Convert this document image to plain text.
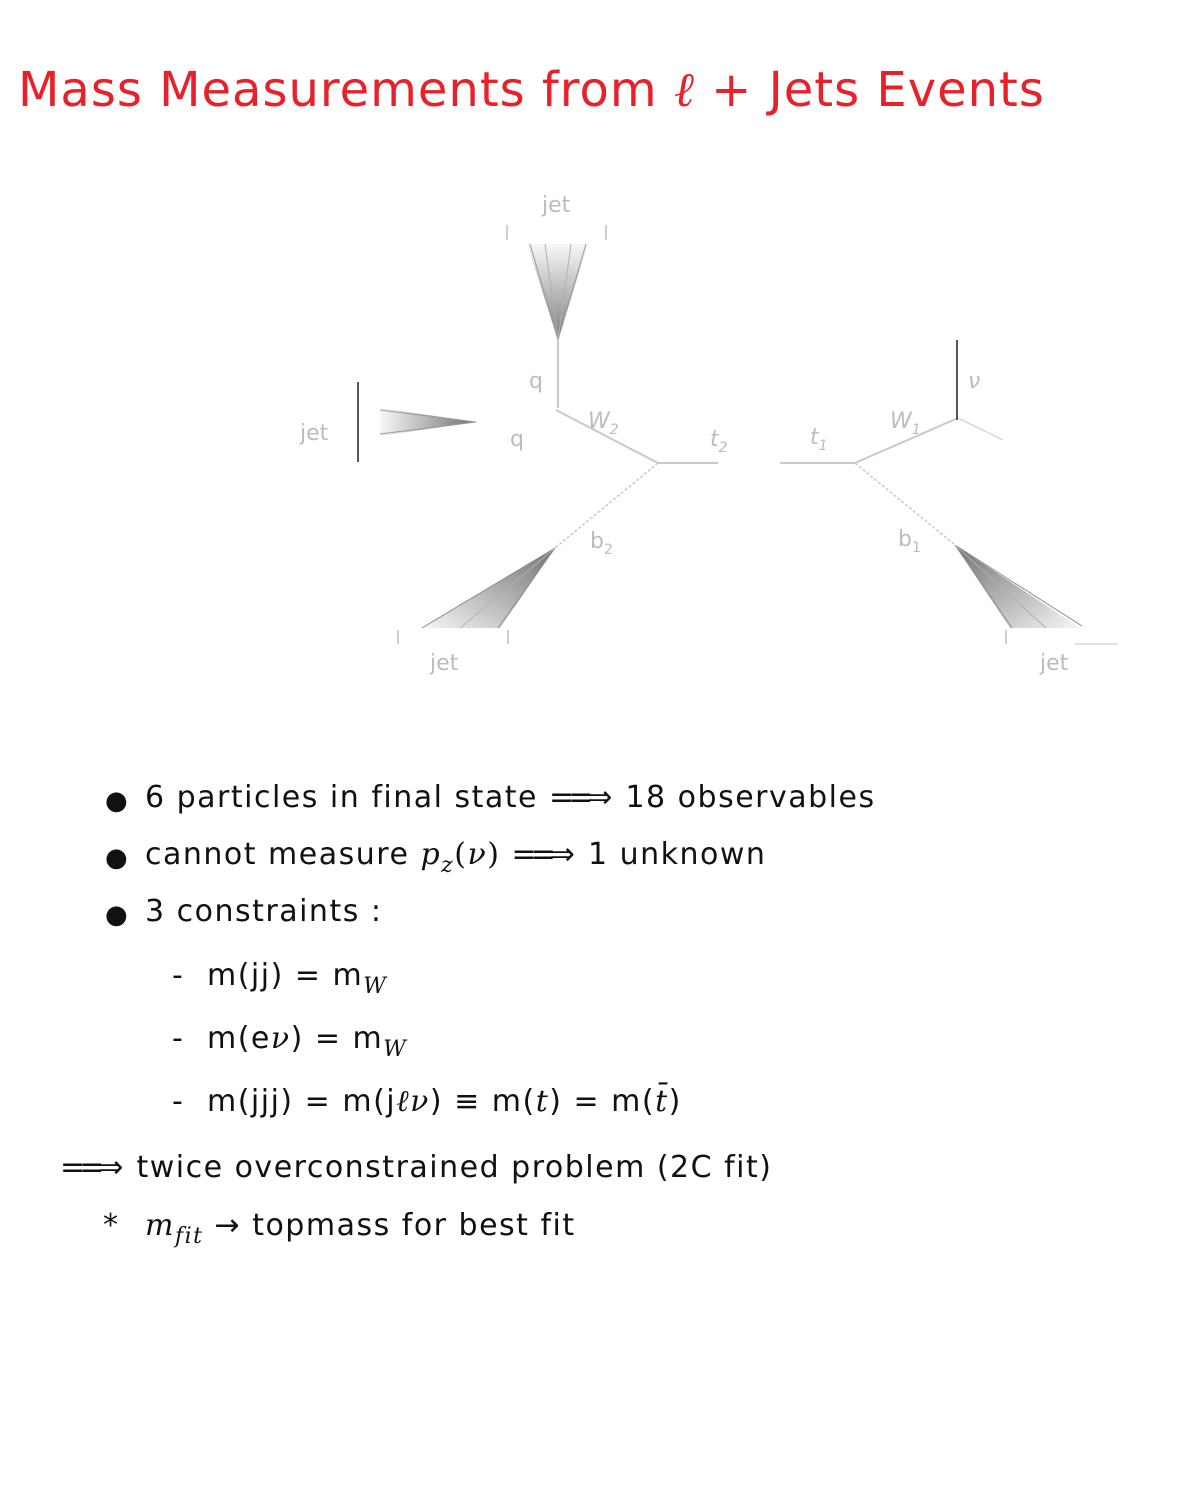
Mass Measurements from ℓ + Jets Events
jet
jet
jet	jet
q
q
$W_2$	$t_2$	$t_1$
$W_1$
$b_2$	$b_1$
ν
● 6 particles in final state ==⇒ 18 observables
● cannot measure $p_z(\nu)$ ==⇒ 1 unknown
● 3 constraints :
- $m(jj) = m_W$
- $m(e\nu) = m_W$
- m(jjj) = m(jℓν) ≡ m(t) = m(t̄)
==⇒ twice overconstrained problem (2C fit)
* $m_{fit}$ → topmass for best fit
